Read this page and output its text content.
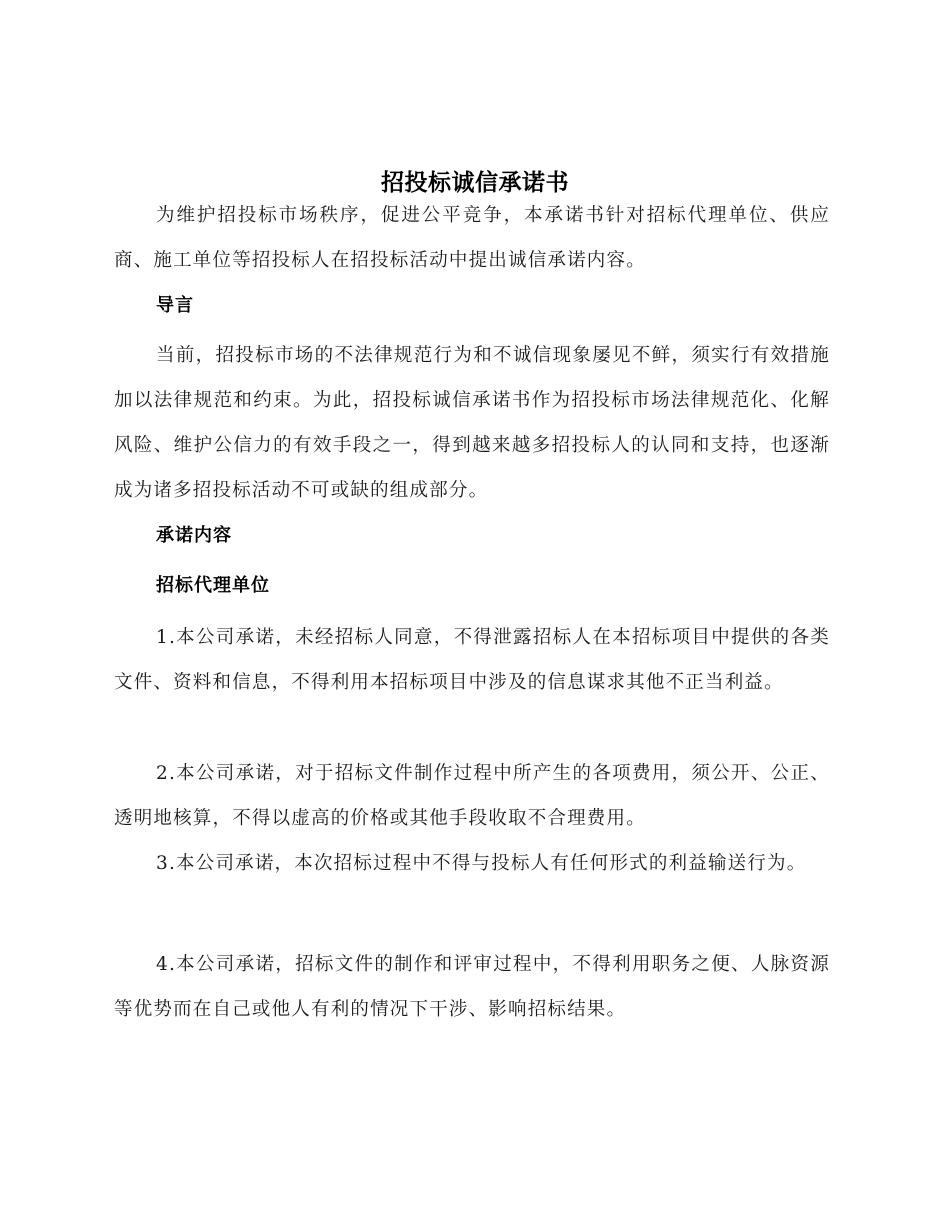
招投标诚信承诺书

为维护招投标市场秩序，促进公平竞争，本承诺书针对招标代理单位、供应商、施工单位等招投标人在招投标活动中提出诚信承诺内容。

导言

当前，招投标市场的不法律规范行为和不诚信现象屡见不鲜，须实行有效措施加以法律规范和约束。为此，招投标诚信承诺书作为招投标市场法律规范化、化解风险、维护公信力的有效手段之一，得到越来越多招投标人的认同和支持，也逐渐成为诸多招投标活动不可或缺的组成部分。

承诺内容
招标代理单位

1.本公司承诺，未经招标人同意，不得泄露招标人在本招标项目中提供的各类文件、资料和信息，不得利用本招标项目中涉及的信息谋求其他不正当利益。

2.本公司承诺，对于招标文件制作过程中所产生的各项费用，须公开、公正、透明地核算，不得以虚高的价格或其他手段收取不合理费用。

3.本公司承诺，本次招标过程中不得与投标人有任何形式的利益输送行为。

4.本公司承诺，招标文件的制作和评审过程中，不得利用职务之便、人脉资源等优势而在自己或他人有利的情况下干涉、影响招标结果。
